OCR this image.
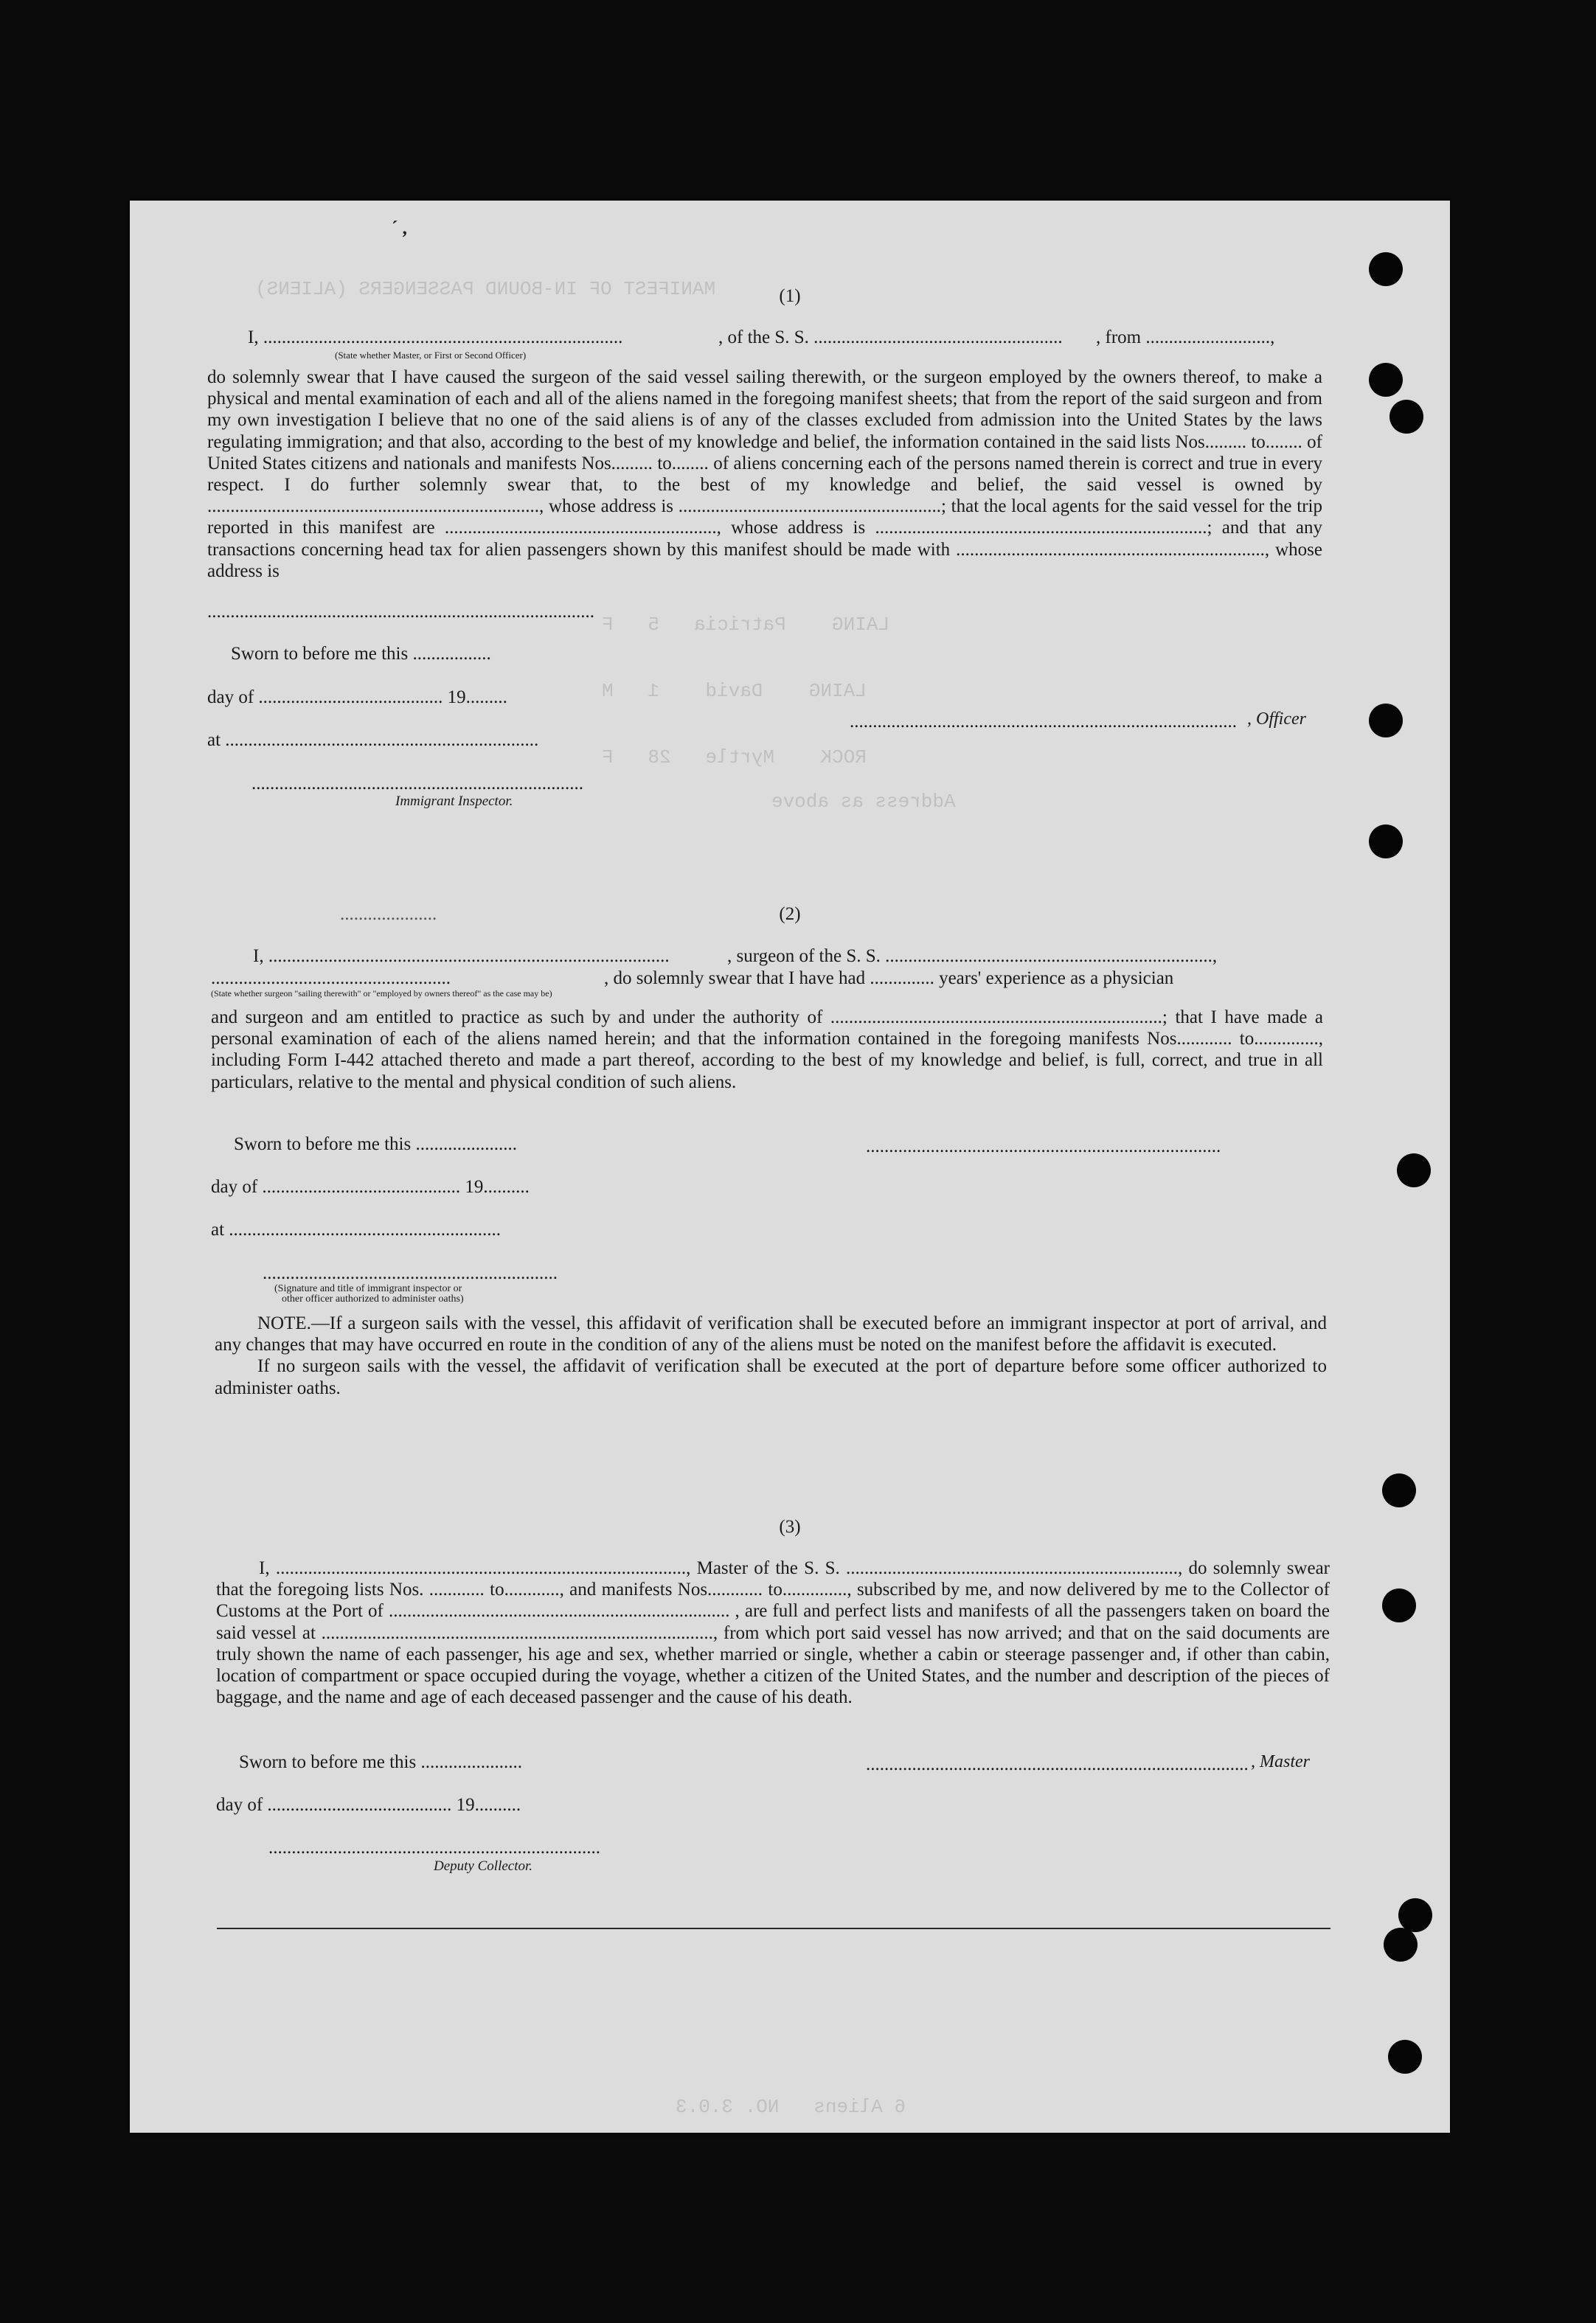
MANIFEST OF IN-BOUND PASSENGERS (ALIENS)
LAING    Patricia   5   F
LAING    David    1   M
ROCK    Myrtle   28   F
Address as above
ˊ ,
(1)
I, ..............................................................................	, of the S. S. ...................................................... , from ...........................,
(State whether Master, or First or Second Officer)

do solemnly swear that I have caused the surgeon of the said vessel sailing therewith, or the surgeon employed by the owners thereof, to make a physical and mental examination of each and all of the aliens named in the foregoing manifest sheets; that from the report of the said surgeon and from my own investigation I believe that no one of the said aliens is of any of the classes excluded from admission into the United States by the laws regulating immigration; and that also, according to the best of my knowledge and belief, the information contained in the said lists Nos......... to........ of United States citizens and nationals and manifests Nos......... to........ of aliens concerning each of the persons named therein is correct and true in every respect. I do further solemnly swear that, to the best of my knowledge and belief, the said vessel is owned by ........................................................................, whose address is .........................................................; that the local agents for the said vessel for the trip reported in this manifest are ..........................................................., whose address is ........................................................................; and that any transactions concerning head tax for alien passengers shown by this manifest should be made with ..................................................................., whose address is

....................................................................................
Sworn to before me this .................
day of ........................................ 19.........
at ....................................................................
........................................................................
Immigrant Inspector.
.................................................................................... , Officer
.....................	(2)
I, .......................................................................................	, surgeon of the S. S. .......................................................................,
....................................................	, do solemnly swear that I have had .............. years' experience as a physician
(State whether surgeon "sailing therewith" or "employed by owners thereof" as the case may be)

and surgeon and am entitled to practice as such by and under the authority of ........................................................................; that I have made a personal examination of each of the aliens named herein; and that the information contained in the foregoing manifests Nos............ to.............., including Form I-442 attached thereto and made a part thereof, according to the best of my knowledge and belief, is full, correct, and true in all particulars, relative to the mental and physical condition of such aliens.

Sworn to before me this ......................
day of ........................................... 19..........
at ...........................................................
.............................................................................
................................................................
(Signature and title of immigrant inspector or
other officer authorized to administer oaths)

NOTE.—If a surgeon sails with the vessel, this affidavit of verification shall be executed before an immigrant inspector at port of arrival, and any changes that may have occurred en route in the condition of any of the aliens must be noted on the manifest before the affidavit is executed.

If no surgeon sails with the vessel, the affidavit of verification shall be executed at the port of departure before some officer authorized to administer oaths.

(3)

I, ........................................................................................., Master of the S. S. ........................................................................, do solemnly swear that the foregoing lists Nos. ............ to............, and manifests Nos............ to.............., subscribed by me, and now delivered by me to the Collector of Customs at the Port of .......................................................................... , are full and perfect lists and manifests of all the passengers taken on board the said vessel at ....................................................................................., from which port said vessel has now arrived; and that on the said documents are truly shown the name of each passenger, his age and sex, whether married or single, whether a cabin or steerage passenger and, if other than cabin, location of compartment or space occupied during the voyage, whether a citizen of the United States, and the number and description of the pieces of baggage, and the name and age of each deceased passenger and the cause of his death.

Sworn to before me this ......................
day of ........................................ 19..........
........................................................................
Deputy Collector.
................................................................................... , Master
6 Aliens   NO. 3.0.3
